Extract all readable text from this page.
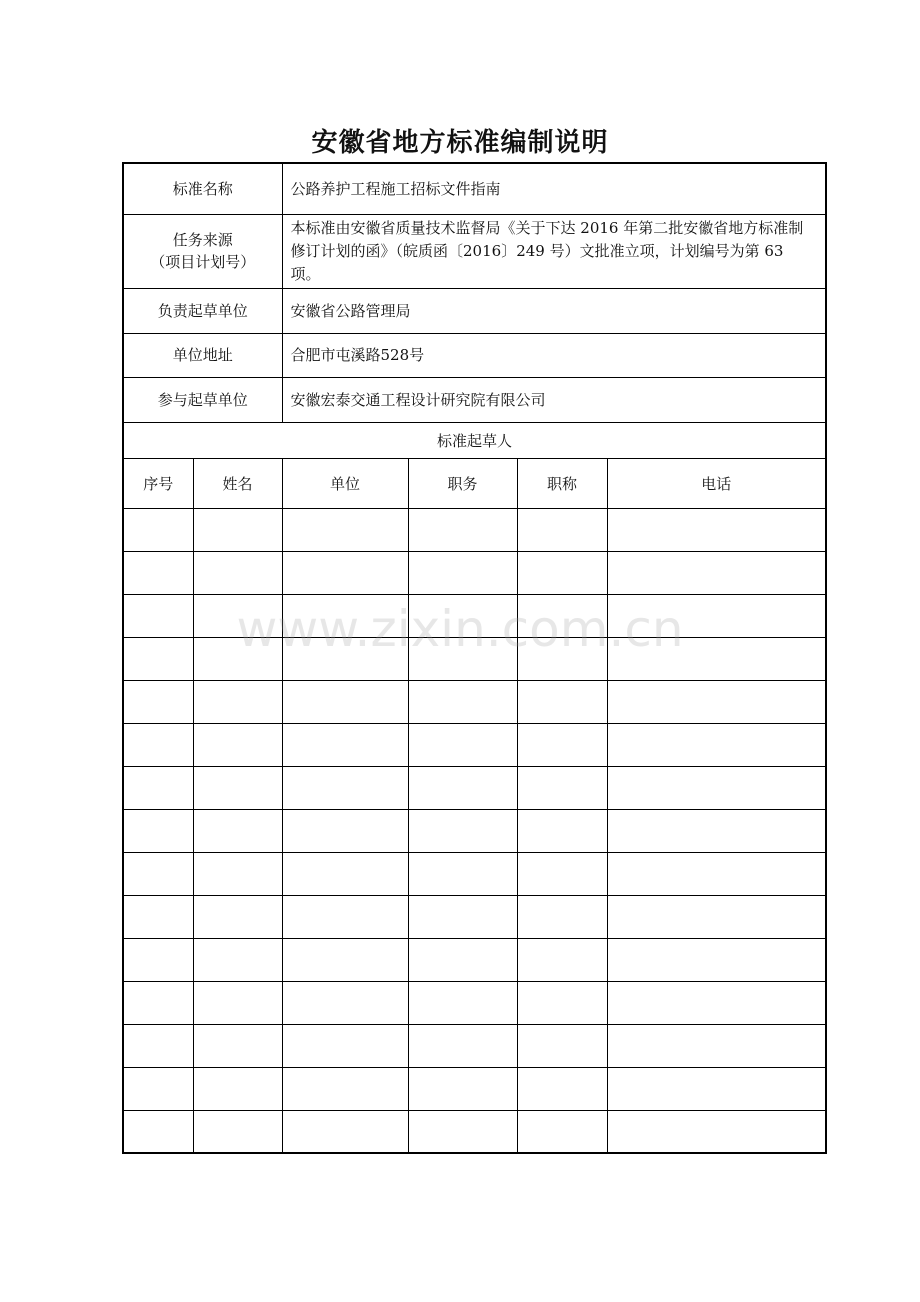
安徽省地方标准编制说明
标准名称		公路养护工程施工招标文件指南			

任务来源
（项目计划号）		本标准由安徽省质量技术监督局《关于下达 2016 年第二批安徽省地方标准制修订计划的函》（皖质函〔2016〕249 号）文批准立项，计划编号为第 63 项。			
负责起草单位		安徽省公路管理局			
单位地址		合肥市屯溪路528号			
参与起草单位		安徽宏泰交通工程设计研究院有限公司			
标准起草人					
序号	姓名	单位	职务	职称	电话

www.zixin.com.cn
